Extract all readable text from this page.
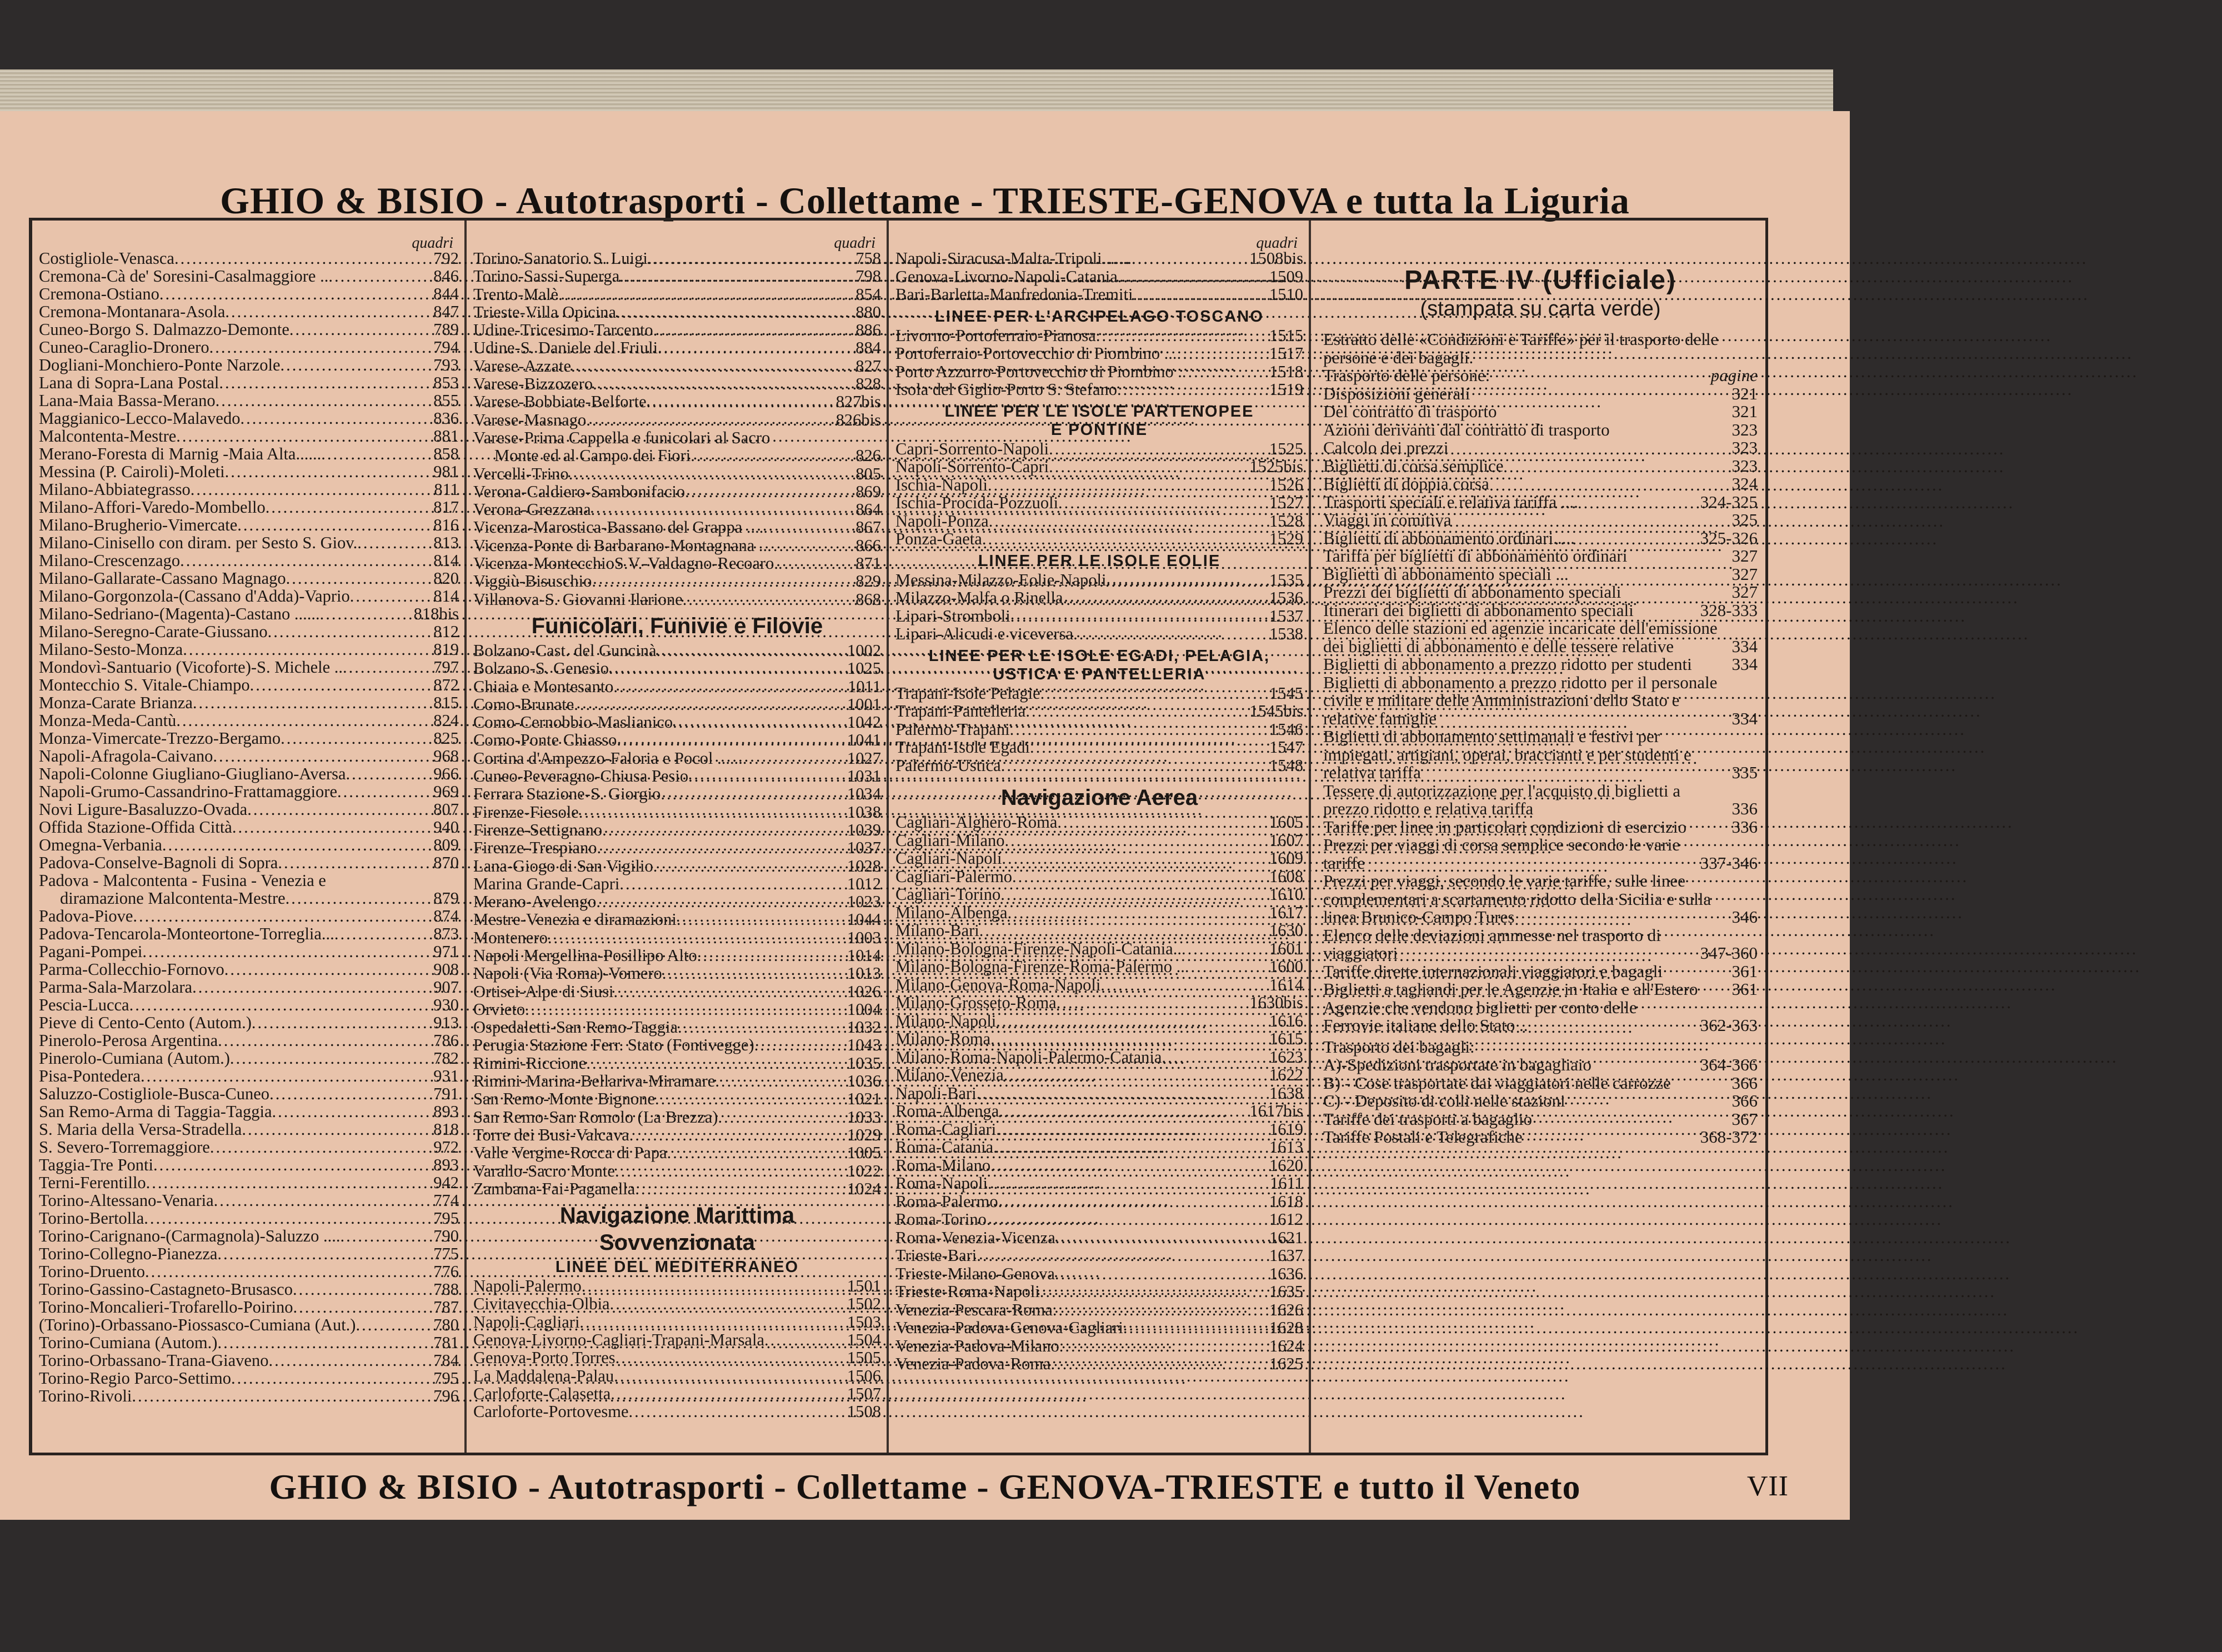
GHIO & BISIO - Autotrasporti - Collettame - TRIESTE-GENOVA e tutta la Liguria
quadri
Costigliole-Venasca .....	792
Cremona-Cà de' Soresini-Casalmaggiore .. .....	846
Cremona-Ostiano .....	844
Cremona-Montanara-Asola .....	847
Cuneo-Borgo S. Dalmazzo-Demonte .....	789
Cuneo-Caraglio-Dronero .....	794
Dogliani-Monchiero-Ponte Narzole .....	793
Lana di Sopra-Lana Postal .....	853
Lana-Maia Bassa-Merano .....	855
Maggianico-Lecco-Malavedo .....	836
Malcontenta-Mestre .....	881
Merano-Foresta di Marnig -Maia Alta...... .....	858
Messina (P. Cairoli)-Moleti .....	981
Milano-Abbiategrasso .....	811
Milano-Affori-Varedo-Mombello .....	817
Milano-Brugherio-Vimercate .....	816
Milano-Cinisello con diram. per Sesto S. Giov. .....	813
Milano-Crescenzago .....	814
Milano-Gallarate-Cassano Magnago .....	820
Milano-Gorgonzola-(Cassano d'Adda)-Vaprio .....	814
Milano-Sedriano-(Magenta)-Castano ...... .....	818bis
Milano-Seregno-Carate-Giussano .....	812
Milano-Sesto-Monza .....	819
Mondovì-Santuario (Vicoforte)-S. Michele .. .....	797
Montecchio S. Vitale-Chiampo .....	872
Monza-Carate Brianza .....	815
Monza-Meda-Cantù .....	824
Monza-Vimercate-Trezzo-Bergamo .....	825
Napoli-Afragola-Caivano .....	968
Napoli-Colonne Giugliano-Giugliano-Aversa .....	966
Napoli-Grumo-Cassandrino-Frattamaggiore .....	969
Novi Ligure-Basaluzzo-Ovada .....	807
Offida Stazione-Offida Città .....	940
Omegna-Verbania .....	809
Padova-Conselve-Bagnoli di Sopra .....	870
Padova - Malcontenta - Fusina - Venezia e
diramazione Malcontenta-Mestre .....	879
Padova-Piove .....	874
Padova-Tencarola-Monteortone-Torreglia... .....	873
Pagani-Pompei .....	971
Parma-Collecchio-Fornovo .....	908
Parma-Sala-Marzolara .....	907
Pescia-Lucca .....	930
Pieve di Cento-Cento (Autom.) .....	913
Pinerolo-Perosa Argentina .....	786
Pinerolo-Cumiana (Autom.) .....	782
Pisa-Pontedera .....	931
Saluzzo-Costigliole-Busca-Cuneo .....	791
San Remo-Arma di Taggia-Taggia .....	893
S. Maria della Versa-Stradella .....	818
S. Severo-Torremaggiore .....	972
Taggia-Tre Ponti .....	893
Terni-Ferentillo .....	942
Torino-Altessano-Venaria .....	774
Torino-Bertolla .....	795
Torino-Carignano-(Carmagnola)-Saluzzo .... .....	790
Torino-Collegno-Pianezza .....	775
Torino-Druento .....	776
Torino-Gassino-Castagneto-Brusasco .....	788
Torino-Moncalieri-Trofarello-Poirino .....	787
(Torino)-Orbassano-Piossasco-Cumiana (Aut.) .....	780
Torino-Cumiana (Autom.) .....	781
Torino-Orbassano-Trana-Giaveno .....	784
Torino-Regio Parco-Settimo .....	795
Torino-Rivoli .....	796
quadri
Torino-Sanatorio S. Luigi .....	758
Torino-Sassi-Superga .....	798
Trento-Malè .....	854
Trieste-Villa Opicina .....	880
Udine-Tricesimo-Tarcento .....	886
Udine-S. Daniele del Friuli .....	884
Varese-Azzate .....	827
Varese-Bizzozero .....	828
Varese-Bobbiate-Belforte .....	827bis
Varese-Masnago .....	826bis
Varese-Prima Cappella e funicolari al Sacro
Monte ed al Campo dei Fiori .....	826
Vercelli-Trino .....	805
Verona-Caldiero-Sambonifacio .....	869
Verona-Grezzana .....	864
Vicenza-Marostica-Bassano del Grappa .... .....	867
Vicenza-Ponte di Barbarano-Montagnana .. .....	866
Vicenza-MontecchioS.V.-Valdagno-Recoaro. .....	871
Viggiù-Bisuschio .....	829
Villanova-S. Giovanni Ilarione .....	868
Funicolari, Funivie e Filovie
Bolzano-Cast. del Guncinà .....	1002
Bolzano-S. Genesio .....	1025
Chiaia e Montesanto .....	1011
Como-Brunate .....	1001
Como-Cernobbio-Maslianico .....	1042
Como-Ponte Chiasso .....	1041
Cortina d'Ampezzo-Faloria e Pocol ...... .....	1027
Cuneo-Peveragno-Chiusa Pesio .....	1031
Ferrara Stazione-S. Giorgio .....	1034
Firenze-Fiesole .....	1038
Firenze-Settignano .....	1039
Firenze-Trespiano .....	1037
Lana-Giogo di San Vigilio .....	1028
Marina Grande-Capri .....	1012
Merano-Avelengo .....	1023
Mestre-Venezia e diramazioni .....	1044
Montenero .....	1003
Napoli Mergellina-Posillipo Alto .....	1014
Napoli (Via Roma)-Vomero .....	1013
Ortisei-Alpe di Siusi .....	1026
Orvieto .....	1004
Ospedaletti-San Remo-Taggia .....	1032
Perugia Stazione Ferr. Stato (Fontivegge) .....	1043
Rimini-Riccione .....	1035
Rimini-Marina-Bellariva-Miramare .....	1036
San Remo-Monte Bignone .....	1021
San Remo-San Romolo (La Brezza) .....	1033
Torre dei Busi-Valcava .....	1029
Valle Vergine-Rocca di Papa .....	1005
Varallo-Sacro Monte .....	1022
Zambana-Fai-Paganella .....	1024
Navigazione Marittima
Sovvenzionata
LINEE DEL MEDITERRANEO
Napoli-Palermo .....	1501
Civitavecchia-Olbia .....	1502
Napoli-Cagliari .....	1503
Genova-Livorno-Cagliari-Trapani-Marsala .....	1504
Genova-Porto Torres .....	1505
La Maddalena-Palau .....	1506
Carloforte-Calasetta .....	1507
Carloforte-Portovesme .....	1508
quadri
Napoli-Siracusa-Malta-Tripoli ...... .....	1508bis
Genova-Livorno-Napoli-Catania .....	1509
Bari-Barletta-Manfredonia-Tremiti .....	1510
LINEE PER L'ARCIPELAGO TOSCANO
Livorno-Portoferraio-Pianosa .....	1515
Portoferraio-Portovecchio di Piombino ... .....	1517
Porto Azzurro-Portovecchio di Piombino . .....	1518
Isola del Giglio-Porto S. Stefano .....	1519
LINEE PER LE ISOLE PARTENOPEE
E PONTINE
Capri-Sorrento-Napoli .....	1525
Napoli-Sorrento-Capri .....	1525bis
Ischia-Napoli .....	1526
Ischia-Procida-Pozzuoli .....	1527
Napoli-Ponza .....	1528
Ponza-Gaeta .....	1529
LINEE PER LE ISOLE EOLIE
Messina-Milazzo-Eolie-Napoli .....	1535
Milazzo-Malfa o Rinella .....	1536
Lipari-Stromboli .....	1537
Lipari-Alicudi e viceversa .....	1538
LINEE PER LE ISOLE EGADI, PELAGIA,
USTICA E PANTELLERIA
Trapani-Isole Pelagie .....	1545
Trapani-Pantelleria .....	1545bis
Palermo-Trapani .....	1546
Trapani-Isole Egadi .....	1547
Palermo-Ustica .....	1548
Navigazione Aerea
Cagliari-Alghero-Roma .....	1605
Cagliari-Milano .....	1607
Cagliari-Napoli .....	1609
Cagliari-Palermo .....	1608
Cagliari-Torino .....	1610
Milano-Albenga .....	1617
Milano-Bari .....	1630
Milano-Bologna-Firenze-Napoli-Catania.. .....	1601
Milano-Bologna-Firenze-Roma-Palermo .. .....	1600
Milano-Genova-Roma-Napoli .....	1614
Milano-Grosseto-Roma .....	1630bis
Milano-Napoli .....	1616
Milano-Roma .....	1615
Milano-Roma-Napoli-Palermo-Catania .....	1623
Milano-Venezia .....	1622
Napoli-Bari .....	1638
Roma-Albenga .....	1617bis
Roma-Cagliari .....	1619
Roma-Catania .....	1613
Roma-Milano .....	1620
Roma-Napoli .....	1611
Roma-Palermo .....	1618
Roma-Torino .....	1612
Roma-Venezia-Vicenza .....	1621
Trieste-Bari .....	1637
Trieste-Milano-Genova .....	1636
Trieste-Roma-Napoli .....	1635
Venezia-Pescara-Roma .....	1626
Venezia-Padova-Genova-Cagliari .....	1628
Venezia-Padova-Milano .....	1624
Venezia-Padova-Roma .....	1625
PARTE IV (Ufficiale)
(stampata su carta verde)
Estratto delle «Condizioni e Tariffe» per il trasporto delle persone e dei bagagli.
Trasporto delle persone:	pagine
Disposizioni generali	321
Del contratto di trasporto	321
Azioni derivanti dal contratto di trasporto	323
Calcolo dei prezzi	323
Biglietti di corsa semplice	323
Biglietti di doppia corsa	324
Trasporti speciali e relativa tariffa ....	324-325
Viaggi in comitiva	325
Biglietti di abbonamento ordinari.....	325-326
Tariffa per biglietti di abbonamento ordinari	327
Biglietti di abbonamento speciali ...	327
Prezzi dei biglietti di abbonamento speciali	327
Itinerari dei biglietti di abbonamento speciali	328-333
Elenco delle stazioni ed agenzie incaricate dell'emissione dei biglietti di abbonamento e delle tessere relative	334
Biglietti di abbonamento a prezzo ridotto per studenti	334
Biglietti di abbonamento a prezzo ridotto per il personale civile e militare delle Amministrazioni dello Stato e relative famiglie	334
Biglietti di abbonamento settimanali e festivi per impiegati, artigiani, operai, braccianti e per studenti e relativa tariffa	335
Tessere di autorizzazione per l'acquisto di biglietti a prezzo ridotto e relativa tariffa	336
Tariffe per linee in particolari condizioni di esercizio	336
Prezzi per viaggi di corsa semplice secondo le varie tariffe	337-346
Prezzi per viaggi, secondo le varie tariffe, sulle linee complementari a scartamento ridotto della Sicilia e sulla linea Brunico-Campo Tures	346
Elenco delle deviazioni ammesse nel trasporto di viaggiatori	347-360
Tariffe dirette internazionali viaggiatori e bagagli	361
Biglietti a tagliandi per le Agenzie in Italia e all'Estero	361
Agenzie che vendono biglietti per conto delle Ferrovie italiane dello Stato ..	362-363
Trasporto dei bagagli:
A)-Spedizioni trasportate in bagagliaio	364-366
B) - Cose trasportate dai viaggiatori nelle carrozze	366
C) - Deposito di colli nelle stazioni	366
Tariffe dei trasporti a bagaglio	367
Tariffe Postali e Telegrafiche	368-372
GHIO & BISIO - Autotrasporti - Collettame - GENOVA-TRIESTE e tutto il Veneto	VII
